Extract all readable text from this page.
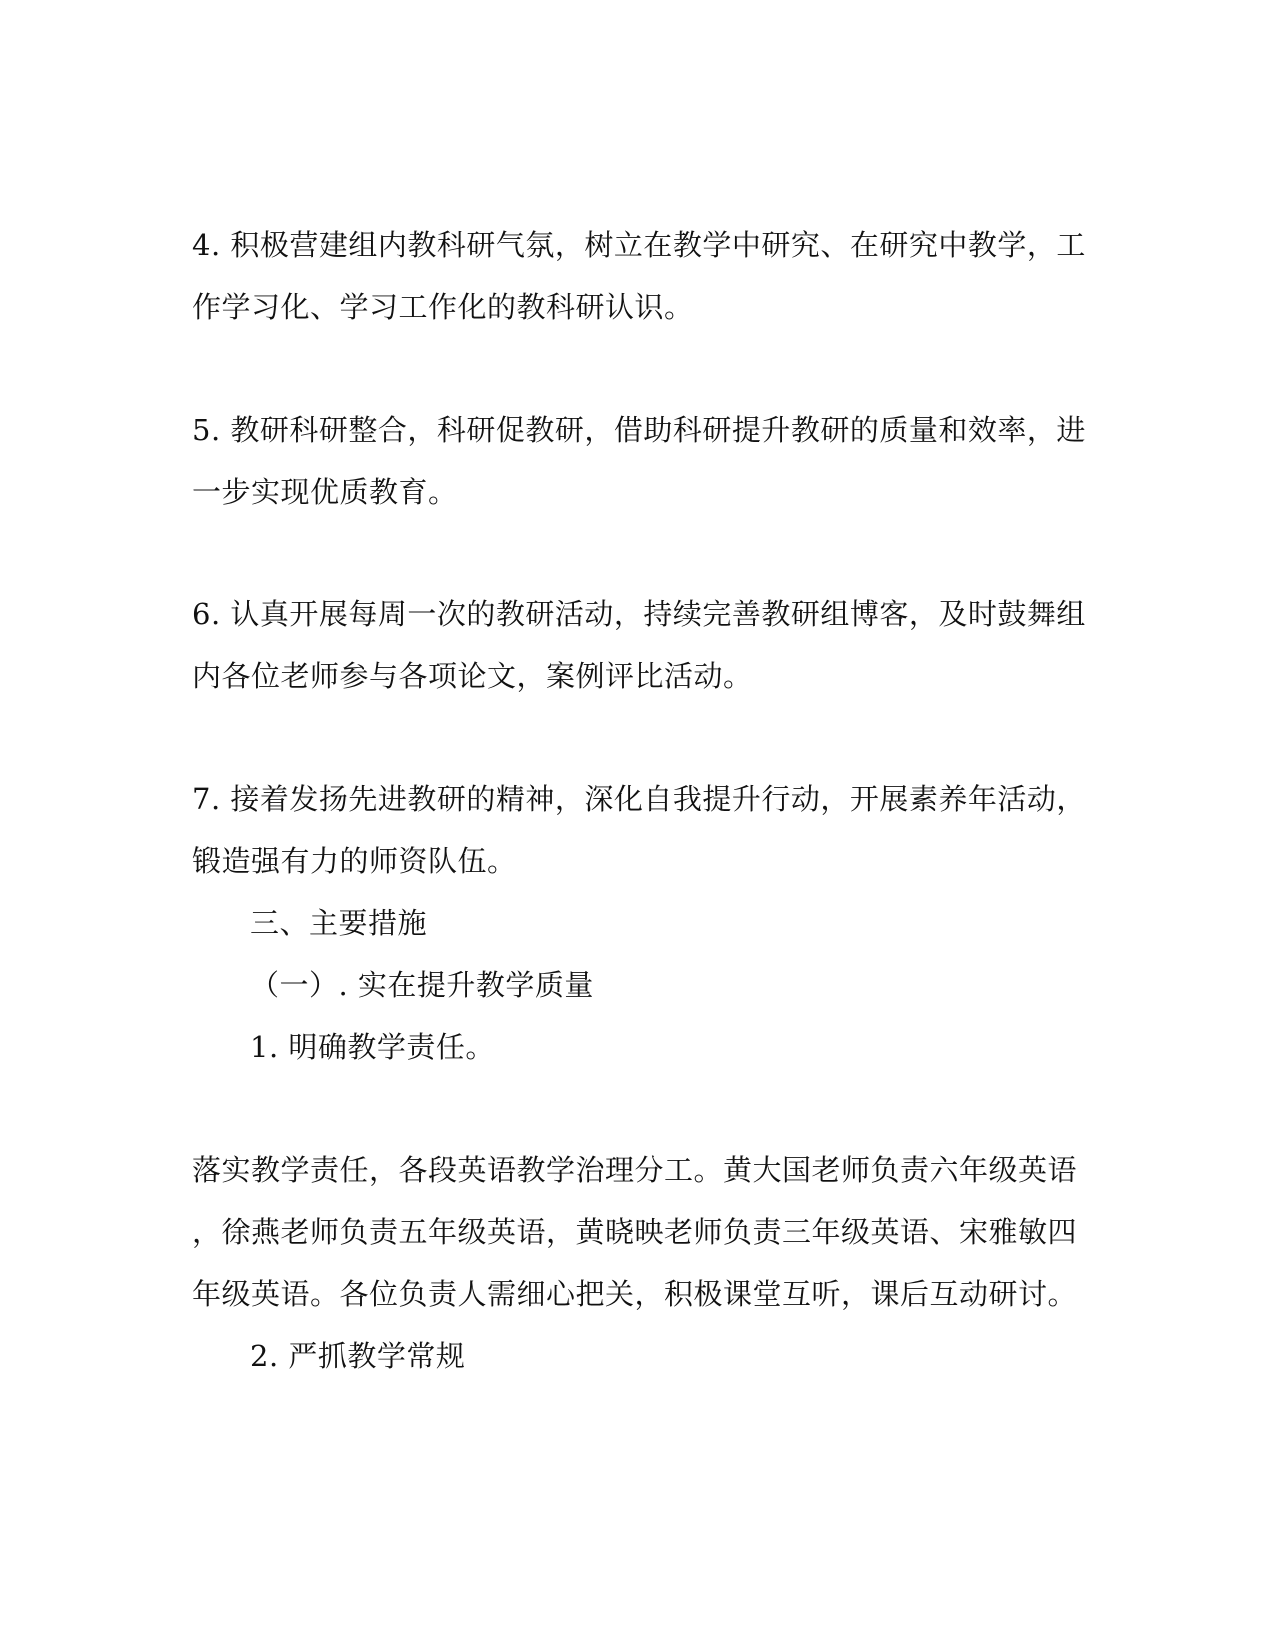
4. 积极营建组内教科研气氛，树立在教学中研究、在研究中教学，工
作学习化、学习工作化的教科研认识。
5. 教研科研整合，科研促教研，借助科研提升教研的质量和效率，进
一步实现优质教育。
6. 认真开展每周一次的教研活动，持续完善教研组博客，及时鼓舞组
内各位老师参与各项论文，案例评比活动。
7. 接着发扬先进教研的精神，深化自我提升行动，开展素养年活动，
锻造强有力的师资队伍。
三、主要措施
（一）. 实在提升教学质量
1. 明确教学责任。
落实教学责任，各段英语教学治理分工。黄大国老师负责六年级英语
，徐燕老师负责五年级英语，黄晓映老师负责三年级英语、宋雅敏四
年级英语。各位负责人需细心把关，积极课堂互听，课后互动研讨。
2. 严抓教学常规
